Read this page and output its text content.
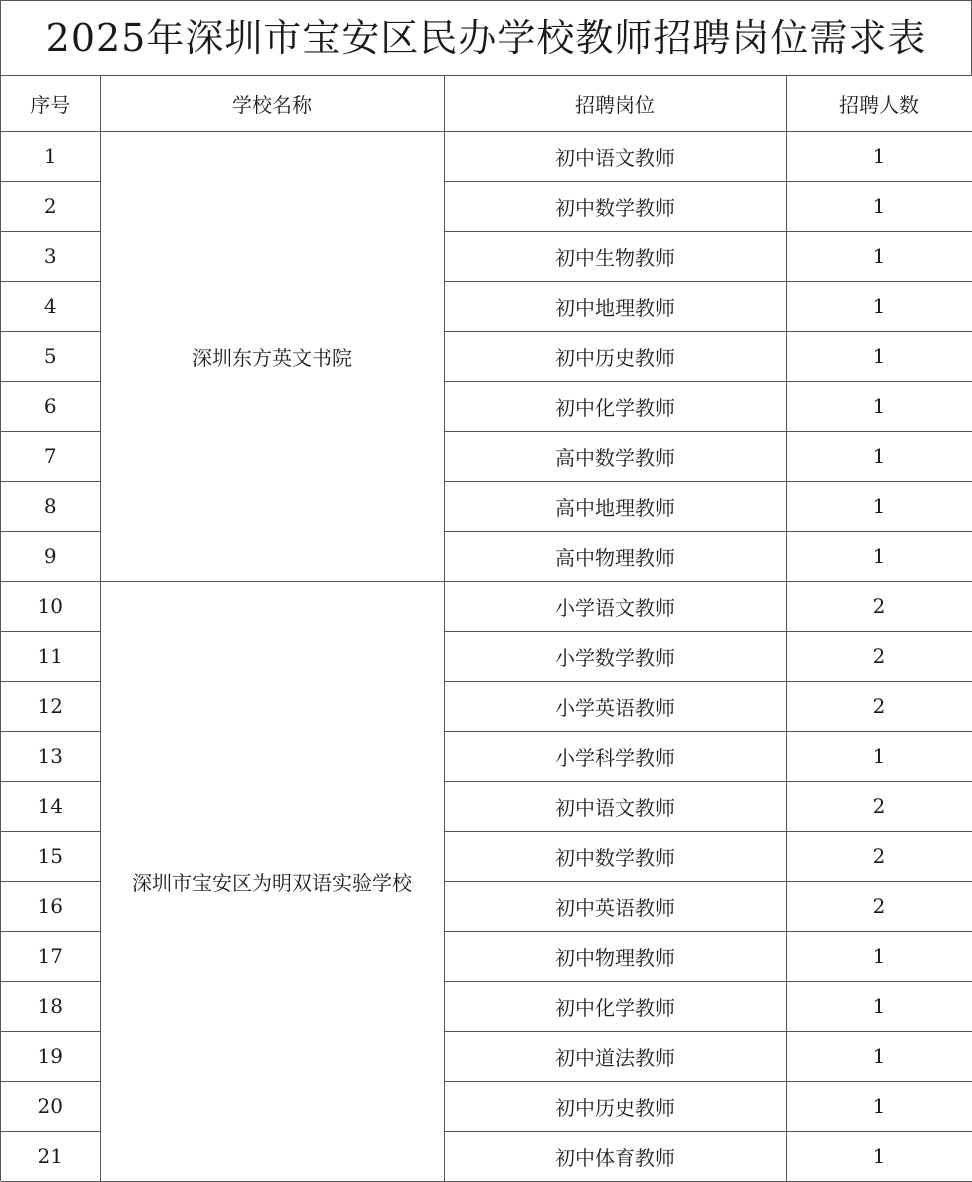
2025年深圳市宝安区民办学校教师招聘岗位需求表
序号	学校名称	招聘岗位	招聘人数
1	深圳东方英文书院	初中语文教师	1
2		初中数学教师	1
3		初中生物教师	1
4		初中地理教师	1
5		初中历史教师	1
6		初中化学教师	1
7		高中数学教师	1
8		高中地理教师	1
9		高中物理教师	1
10	深圳市宝安区为明双语实验学校	小学语文教师	2
11		小学数学教师	2
12		小学英语教师	2
13		小学科学教师	1
14		初中语文教师	2
15		初中数学教师	2
16		初中英语教师	2
17		初中物理教师	1
18		初中化学教师	1
19		初中道法教师	1
20		初中历史教师	1
21		初中体育教师	1
